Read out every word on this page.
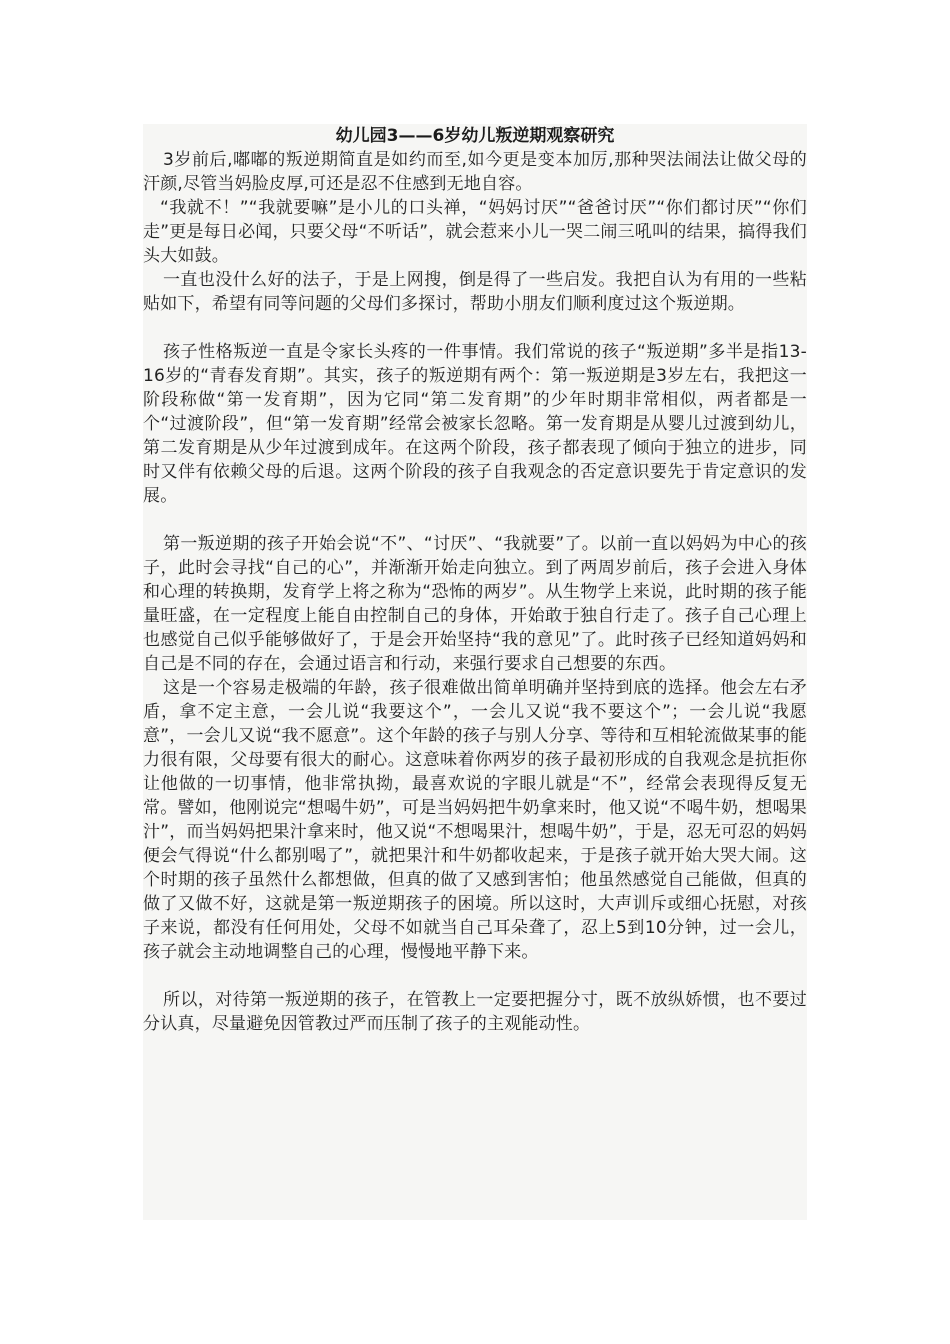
幼儿园3——6岁幼儿叛逆期观察研究

3岁前后,嘟嘟的叛逆期简直是如约而至,如今更是变本加厉,那种哭法闹法让做父母的汗颜,尽管当妈脸皮厚,可还是忍不住感到无地自容。

“我就不！”“我就要嘛”是小儿的口头禅，“妈妈讨厌”“爸爸讨厌”“你们都讨厌”“你们走”更是每日必闻，只要父母“不听话”，就会惹来小儿一哭二闹三吼叫的结果，搞得我们头大如鼓。

一直也没什么好的法子，于是上网搜，倒是得了一些启发。我把自认为有用的一些粘贴如下，希望有同等问题的父母们多探讨，帮助小朋友们顺利度过这个叛逆期。

孩子性格叛逆一直是令家长头疼的一件事情。我们常说的孩子“叛逆期”多半是指13-16岁的“青春发育期”。其实，孩子的叛逆期有两个：第一叛逆期是3岁左右，我把这一阶段称做“第一发育期”，因为它同“第二发育期”的少年时期非常相似，两者都是一个“过渡阶段”，但“第一发育期”经常会被家长忽略。第一发育期是从婴儿过渡到幼儿，第二发育期是从少年过渡到成年。在这两个阶段，孩子都表现了倾向于独立的进步，同时又伴有依赖父母的后退。这两个阶段的孩子自我观念的否定意识要先于肯定意识的发展。

第一叛逆期的孩子开始会说“不”、“讨厌”、“我就要”了。以前一直以妈妈为中心的孩子，此时会寻找“自己的心”，并渐渐开始走向独立。到了两周岁前后，孩子会进入身体和心理的转换期，发育学上将之称为“恐怖的两岁”。从生物学上来说，此时期的孩子能量旺盛，在一定程度上能自由控制自己的身体，开始敢于独自行走了。孩子自己心理上也感觉自己似乎能够做好了，于是会开始坚持“我的意见”了。此时孩子已经知道妈妈和自己是不同的存在，会通过语言和行动，来强行要求自己想要的东西。

这是一个容易走极端的年龄，孩子很难做出简单明确并坚持到底的选择。他会左右矛盾，拿不定主意，一会儿说“我要这个”，一会儿又说“我不要这个”；一会儿说“我愿意”，一会儿又说“我不愿意”。这个年龄的孩子与别人分享、等待和互相轮流做某事的能力很有限，父母要有很大的耐心。这意味着你两岁的孩子最初形成的自我观念是抗拒你让他做的一切事情，他非常执拗，最喜欢说的字眼儿就是“不”，经常会表现得反复无常。譬如，他刚说完“想喝牛奶”，可是当妈妈把牛奶拿来时，他又说“不喝牛奶，想喝果汁”，而当妈妈把果汁拿来时，他又说“不想喝果汁，想喝牛奶”，于是，忍无可忍的妈妈便会气得说“什么都别喝了”，就把果汁和牛奶都收起来，于是孩子就开始大哭大闹。这个时期的孩子虽然什么都想做，但真的做了又感到害怕；他虽然感觉自己能做，但真的做了又做不好，这就是第一叛逆期孩子的困境。所以这时，大声训斥或细心抚慰，对孩子来说，都没有任何用处，父母不如就当自己耳朵聋了，忍上5到10分钟，过一会儿，孩子就会主动地调整自己的心理，慢慢地平静下来。

所以，对待第一叛逆期的孩子，在管教上一定要把握分寸，既不放纵娇惯，也不要过分认真，尽量避免因管教过严而压制了孩子的主观能动性。
